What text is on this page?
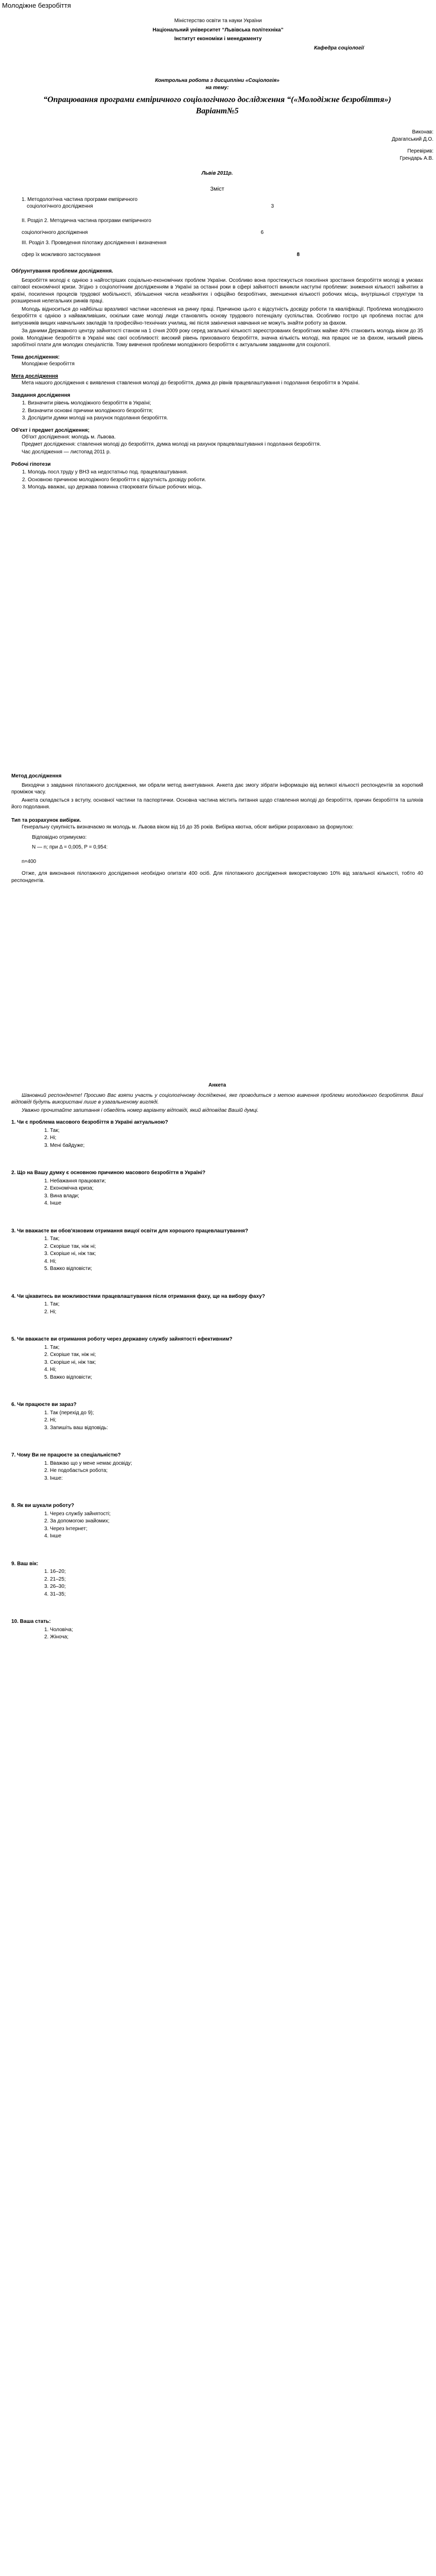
Молодіжне безробіття
Міністерство освіти та науки України
Національний університет “Львівська політехніка”
Інститут економіки і менеджменту
Кафедра соціології
Контрольна робота з дисципліни «Соціологія»
на тему:
“Опрацювання програми емпіричного соціологічного дослідження “(«Молодіжне безробіття»)
Варіант№5
Виконав:
Драгапський Д.О.
Перевірив:
Грендарь А.В.
Львів 2011р.
Зміст
1. Методологічна частина програми емпіричного
соціологічного дослідження	3
II. Розділ 2. Методична частина програми емпіричного
соціологічного дослідження	6
III. Розділ 3. Проведення пілотажу дослідження і визначення
сфер їх можливого застосування	8
Обґрунтування проблеми дослідження.

Безробіття молоді є однією з найгостріших соціально-економічних проблем України. Особливо вона простежується покоління зростання безробіття молоді в умовах світової економічної кризи. Згідно з соціологічним дослідженням в Україні за останні роки в сфері зайнятості виникли наступні проблеми: зниження кількості зайнятих в країні, посилення процесів трудової мобільності, збільшення числа незайнятих і офіційно безробітних, зменшення кількості робочих місць, внутрішньої структури та розширення нелегальних ринків праці.

Молодь відноситься до найбільш вразливої частини населення на ринку праці. Причиною цього є відсутність досвіду роботи та кваліфікації. Проблема молодіжного безробіття є однією з найважливіших, оскільки саме молоді люди становлять основу трудового потенціалу суспільства. Особливо гостро ця проблема постає для випускників вищих навчальних закладів та професійно-технічних училищ, які після закінчення навчання не можуть знайти роботу за фахом.

За даними Державного центру зайнятості станом на 1 січня 2009 року серед загальної кількості зареєстрованих безробітних майже 40% становить молодь віком до 35 років. Молодіжне безробіття в Україні має свої особливості: високий рівень прихованого безробіття, значна кількість молоді, яка працює не за фахом, низький рівень заробітної плати для молодих спеціалістів. Тому вивчення проблеми молодіжного безробіття є актуальним завданням для соціології.

Тема дослідження:
Молодіжне безробіття
Мета дослідження

Мета нашого дослідження є виявлення ставлення молоді до безробіття, думка до рівнів працевлаштування і подолання безробіття в Україні.

Завдання дослідження
1. Визначити рівень молодіжного безробіття в Україні;
2. Визначити основні причини молодіжного безробіття;
3. Дослідити думки молоді на рахунок подолання безробіття.
Об'єкт і предмет дослідження;
Об'єкт дослідження: молодь м. Львова.

Предмет дослідження: ставлення молоді до безробіття, думка молоді на рахунок працевлаштування і подолання безробіття.

Час дослідження — листопад 2011 р.
Робочі гіпотези
1. Молодь посл.труду у ВНЗ на недостатньо под. працевлаштування.
2. Основною причиною молодіжного безробіття є відсутність досвіду роботи.
3. Молодь вважає, що держава повинна створювати більше робочих місць.
Метод дослідження

Виходячи з завдання пілотажного дослідження, ми обрали метод анкетування. Анкета дає змогу зібрати інформацію від великої кількості респондентів за короткий проміжок часу.

Анкета складається з вступу, основної частини та паспортички. Основна частина містить питання щодо ставлення молоді до безробіття, причин безробіття та шляхів його подолання.

Тип та розрахунок вибірки.

Генеральну сукупність визначаємо як молодь м. Львова віком від 16 до 35 років. Вибірка квотна, обсяг вибірки розраховано за формулою:

Відповідно отримуємо:
N — n; при Δ = 0,005, P = 0,954:
n=400

Отже, для виконання ​​пілотажного дослідження необхідно опитати 400 осіб. Для пілотажного дослідження використовуємо 10% від загальної кількості, тобто 40 респондентів.

Анкета

Шановний респонденте! Просимо Вас взяти участь у соціологічному дослідженні, яке проводиться з метою вивчення проблеми молодіжного безробіття. Ваші відповіді будуть використані лише в узагальненому вигляді.

Уважно прочитайте запитання і обведіть номер варіанту відповіді, який відповідає Вашій думці.

1. Чи є проблема масового безробіття в Україні актуальною?
1. Так;
2. Ні;
3. Мені байдуже;
2. Що на Вашу думку є основною причиною масового безробіття в Україні?
1. Небажання працювати;
2. Економічна криза;
3. Вина влади;
4. Інше
3. Чи вважаєте ви обов'язковим отримання вищої освіти для хорошого працевлаштування?
1. Так;
2. Скоріше так, ніж ні;
3. Скоріше ні, ніж так;
4. Ні;
5. Важко відповісти;
4. Чи цікавитесь ви можливостями працевлаштування після отримання фаху, ще на вибору фаху?
1. Так;
2. Ні;
5. Чи вважаєте ви отримання роботу через державну службу зайнятості ефективним?
1. Так;
2. Скоріше так, ніж ні;
3. Скоріше ні, ніж так;
4. Ні;
5. Важко відповісти;
6. Чи працюєте ви зараз?
1. Так (перехід до 9);
2. Ні;
3. Запишіть ваш відповідь:
7. Чому Ви не працюєте за спеціальністю?
1. Вважаю що у мене немає досвіду;
2. Не подобається робота;
3. Інше:
8. Як ви шукали роботу?
1. Через службу зайнятості;
2. За допомогою знайомих;
3. Через Інтернет;
4. Інше
9. Ваш вік:
1. 16–20;
2. 21–25;
3. 26–30;
4. 31–35;
10. Ваша стать:
1. Чоловіча;
2. Жіноча;
